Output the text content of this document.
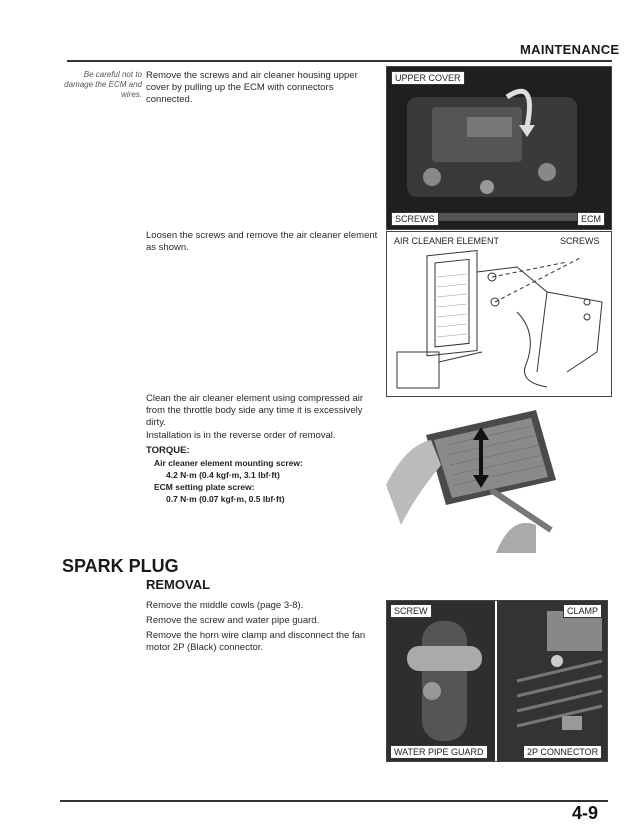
MAINTENANCE
Be careful not to damage the ECM and wires.
Remove the screws and air cleaner housing upper cover by pulling up the ECM with connectors connected.
UPPER COVER
SCREWS	ECM
Loosen the screws and remove the air cleaner element as shown.
AIR CLEANER ELEMENT	SCREWS
Clean the air cleaner element using compressed air from the throttle body side any time it is excessively dirty.
Installation is in the reverse order of removal.
TORQUE:
Air cleaner element mounting screw:
4.2 N·m (0.4 kgf·m, 3.1 lbf·ft)
ECM setting plate screw:
0.7 N·m (0.07 kgf·m, 0.5 lbf·ft)
SPARK PLUG
REMOVAL
Remove the middle cowls (page 3-8).
Remove the screw and water pipe guard.
Remove the horn wire clamp and disconnect the fan motor 2P (Black) connector.
SCREW	CLAMP
WATER PIPE GUARD	2P CONNECTOR
4-9
